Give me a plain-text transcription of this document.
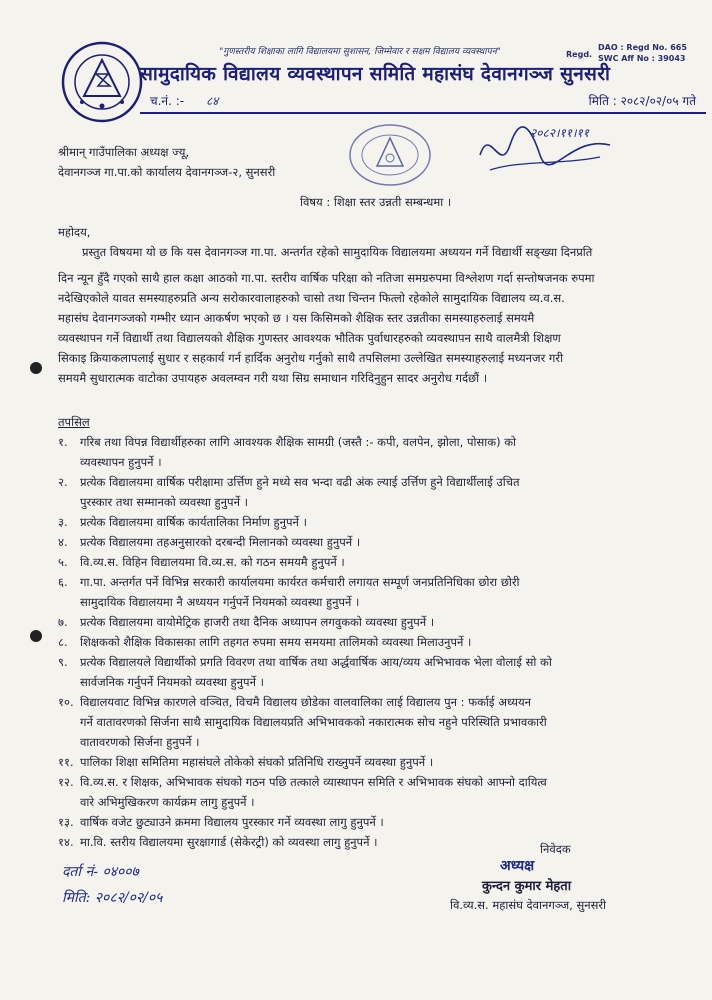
"गुणस्तरीय शिक्षाका लागि विद्यालयमा सुशासन, जिम्मेवार र सक्षम विद्यालय व्यवस्थापन"	Regd.
DAO : Regd No. 665
SWC Aff No : 39043
सामुदायिक विद्यालय व्यवस्थापन समिति महासंघ देवानगञ्ज सुनसरी
च.नं. :- ८४	मिति : २०८२/०२/०५ गते
श्रीमान् गाउँपालिका अध्यक्ष ज्यू,
देवानगञ्ज गा.पा.को कार्यालय देवानगञ्ज-२, सुनसरी
२०८२।११।११
विषय : शिक्षा स्तर उन्नती सम्बन्धमा ।
महोदय,
प्रस्तुत विषयमा यो छ कि यस देवानगञ्ज गा.पा. अन्तर्गत रहेको सामुदायिक विद्यालयमा अध्ययन गर्ने विद्यार्थी सङ्ख्या दिनप्रति
दिन न्यून हुँदै गएको साथै हाल कक्षा आठको गा.पा. स्तरीय वार्षिक परिक्षा को नतिजा समग्ररुपमा विश्लेशण गर्दा सन्तोषजनक रुपमा
नदेखिएकोले यावत समस्याहरुप्रति अन्य सरोकारवालाहरुको चासो तथा चिन्तन फित्लो रहेकोले सामुदायिक विद्यालय व्य.व.स.
महासंघ देवानगञ्जको गम्भीर ध्यान आकर्षण भएको छ । यस किसिमको शैक्षिक स्तर उन्नतीका समस्याहरुलाई समयमै
व्यवस्थापन गर्ने विद्यार्थी तथा विद्यालयको शैक्षिक गुणस्तर आवश्यक भौतिक पुर्वाधारहरुको व्यवस्थापन साथै वालमैत्री शिक्षण
सिकाइ क्रियाकलापलाई सुधार र सहकार्य गर्न हार्दिक अनुरोध गर्नुको साथै तपसिलमा उल्लेखित समस्याहरुलाई मध्यनजर गरी
समयमै सुधारात्मक वाटोका उपायहरु अवलम्वन गरी यथा सिग्र समाधान गरिदिनुहुन सादर अनुरोध गर्दछौं ।
तपसिल
१. गरिब तथा विपन्न विद्यार्थीहरुका लागि आवश्यक शैक्षिक सामग्री (जस्तै :- कपी, वलपेन, झोला, पोसाक) को
व्यवस्थापन हुनुपर्ने ।
२. प्रत्येक विद्यालयमा वार्षिक परीक्षामा उर्त्तिण हुने मध्ये सव भन्दा वढी अंक ल्याई उर्त्तिण हुने विद्यार्थीलाई उचित
पुरस्कार तथा सम्मानको व्यवस्था हुनुपर्ने ।
३. प्रत्येक विद्यालयमा वार्षिक कार्यतालिका निर्माण हुनुपर्ने ।
४. प्रत्येक विद्यालयमा तहअनुसारको दरबन्दी मिलानको व्यवस्था हुनुपर्ने ।
५. वि.व्य.स. विहिन विद्यालयमा वि.व्य.स. को गठन समयमै हुनुपर्ने ।
६. गा.पा. अन्तर्गत पर्ने विभिन्न सरकारी कार्यालयमा कार्यरत कर्मचारी लगायत सम्पूर्ण जनप्रतिनिधिका छोरा छोरी
सामुदायिक विद्यालयमा नै अध्ययन गर्नुपर्ने नियमको व्यवस्था हुनुपर्ने ।
७. प्रत्येक विद्यालयमा वायोमेट्रिक हाजरी तथा दैनिक अध्यापन लगवुकको व्यवस्था हुनुपर्ने ।
८. शिक्षकको शैक्षिक विकासका लागि तहगत रुपमा समय समयमा तालिमको व्यवस्था मिलाउनुपर्ने ।
९. प्रत्येक विद्यालयले विद्यार्थीको प्रगति विवरण तथा वार्षिक तथा अर्द्धवार्षिक आय/व्यय अभिभावक भेला वोलाई सो को
सार्वजनिक गर्नुपर्ने नियमको व्यवस्था हुनुपर्ने ।
१०. विद्यालयवाट विभिन्न कारणले वञ्चित, विचमै विद्यालय छोडेका वालवालिका लाई विद्यालय पुन : फर्काई अध्ययन
गर्ने वातावरणको सिर्जना साथै सामुदायिक विद्यालयप्रति अभिभावकको नकारात्मक सोच नहुने परिस्थिति प्रभावकारी
वातावरणको सिर्जना हुनुपर्ने ।
११. पालिका शिक्षा समितिमा महासंघले तोकेको संघको प्रतिनिधि राख्नुपर्ने व्यवस्था हुनुपर्ने ।
१२. वि.व्य.स. र शिक्षक, अभिभावक संघको गठन पछि तत्काले व्यास्थापन समिति र अभिभावक संघको आफ्नो दायित्व
वारे अभिमुखिकरण कार्यक्रम लागु हुनुपर्ने ।
१३. वार्षिक वजेट छुट्याउने क्रममा विद्यालय पुरस्कार गर्ने व्यवस्था लागु हुनुपर्ने ।
१४. मा.वि. स्तरीय विद्यालयमा सुरक्षागार्ड (सेकेरट्री) को व्यवस्था लागु हुनुपर्ने ।	निवेदक
अध्यक्ष
कुन्दन कुमार मेहता
वि.व्य.स. महासंघ देवानगञ्ज, सुनसरी
दर्ता नं- ०४००७
मिति: २०८२/०२/०५
